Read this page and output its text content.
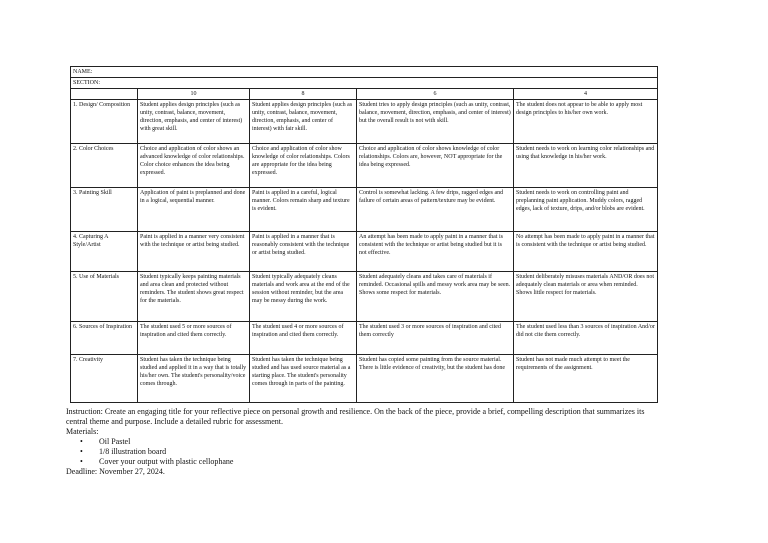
NAME:				
SECTION:				
	10	8	6	4
1. Design/ Composition	Student applies design principles (such as unity, contrast, balance, movement, direction, emphasis, and center of interest) with great skill.	Student applies design principles (such as unity, contrast, balance, movement, direction, emphasis, and center of interest) with fair skill.	Student tries to apply design principles (such as unity, contrast, balance, movement, direction, emphasis, and center of interest) but the overall result is not with skill.	The student does not appear to be able to apply most design principles to his/her own work.
2. Color Choices	Choice and application of color shows an advanced knowledge of color relationships. Color choice enhances the idea being expressed.	Choice and application of color show knowledge of color relationships. Colors are appropriate for the idea being expressed.	Choice and application of color shows knowledge of color relationships. Colors are, however, NOT appropriate for the idea being expressed.	Student needs to work on learning color relationships and using that knowledge in his/her work.
3. Painting Skill	Application of paint is preplanned and done in a logical, sequential manner.	Paint is applied in a careful, logical manner. Colors remain sharp and texture is evident.	Control is somewhat lacking. A few drips, ragged edges and failure of certain areas of pattern/texture may be evident.	Student needs to work on controlling paint and preplanning paint application. Muddy colors, ragged edges, lack of texture, drips, and/or blobs are evident.
4. Capturing A Style/Artist	Paint is applied in a manner very consistent with the technique or artist being studied.	Paint is applied in a manner that is reasonably consistent with the technique or artist being studied.	An attempt has been made to apply paint in a manner that is consistent with the technique or artist being studied but it is not effective.	No attempt has been made to apply paint in a manner that is consistent with the technique or artist being studied.
5. Use of Materials	Student typically keeps painting materials and area clean and protected without reminders. The student shows great respect for the materials.	Student typically adequately cleans materials and work area at the end of the session without reminder, but the area may be messy during the work.	Student adequately cleans and takes care of materials if reminded. Occasional spills and messy work area may be seen. Shows some respect for materials.	Student deliberately misuses materials AND/OR does not adequately clean materials or area when reminded. Shows little respect for materials.
6. Sources of Inspiration	The student used 5 or more sources of inspiration and cited them correctly.	The student used 4 or more sources of inspiration and cited them correctly.	The student used 3 or more sources of inspiration and cited them correctly	The student used less than 3 sources of inspiration And/or did not cite them correctly.
7. Creativity	Student has taken the technique being studied and applied it in a way that is totally his/her own. The student's personality/voice comes through.	Student has taken the technique being studied and has used source material as a starting place. The student's personality comes through in parts of the painting.	Student has copied some painting from the source material. There is little evidence of creativity, but the student has done	Student has not made much attempt to meet the requirements of the assignment.

Instruction: Create an engaging title for your reflective piece on personal growth and resilience. On the back of the piece, provide a brief, compelling description that summarizes its central theme and purpose. Include a detailed rubric for assessment.

Materials:

• Oil Pastel
• 1/8 illustration board
• Cover your output with plastic cellophane

Deadline: November 27, 2024.
